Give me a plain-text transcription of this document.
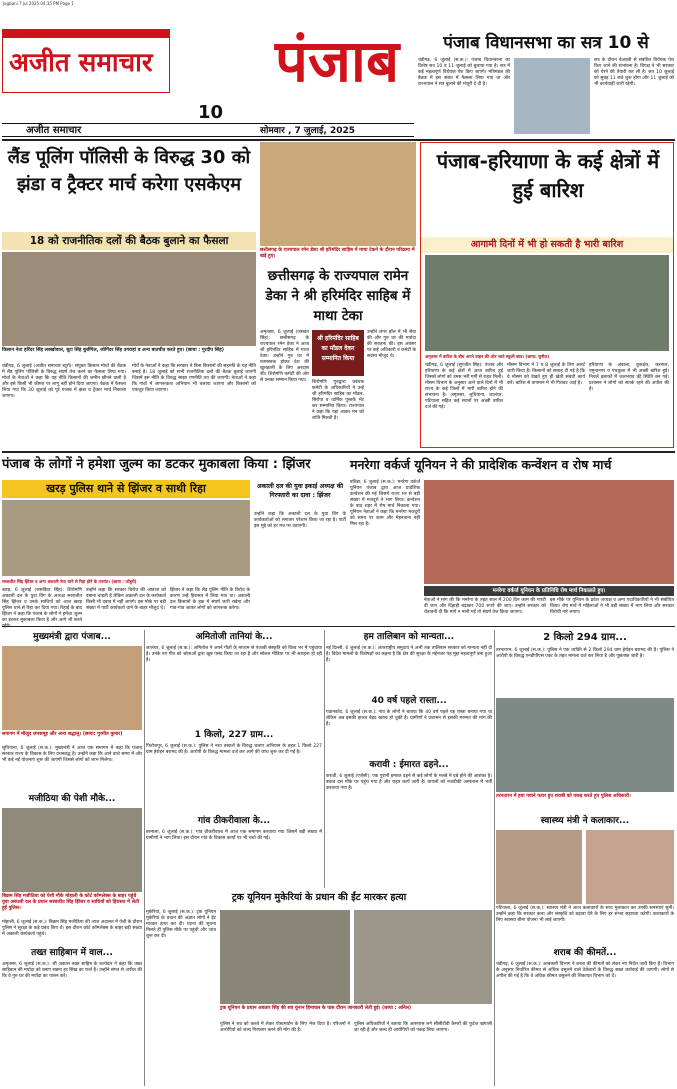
Jagbani 7 jul 2025 04:35 PM Page 1
अजीत समाचार
10
पंजाब
अजीत समाचार	सोमवार , 7 जुलाई, 2025
पंजाब विधानसभा का सत्र 10 से
चंडीगढ़, 6 जुलाई (स.क.): पंजाब विधानसभा का विशेष सत्र 10 व 11 जुलाई को बुलाया गया है। सत्र में कई महत्वपूर्ण विधेयक पेश किए जाएंगे। मंत्रिमंडल की बैठक में इस संबंध में फैसला लिया गया था और राज्यपाल ने सत्र बुलाने की मंजूरी दे दी है।
सत्र के दौरान बेअदबी से संबंधित विधेयक पेश किए जाने की संभावना है। विपक्ष ने भी सरकार को घेरने की तैयारी कर ली है। सत्र 10 जुलाई को सुबह 11 बजे शुरू होगा और 11 जुलाई को भी कार्यवाही जारी रहेगी।
लैंड पूलिंग पॉलिसी के विरुद्ध 30 को झंडा व ट्रैक्टर मार्च करेगा एसकेएम
18 को राजनीतिक दलों की बैठक बुलाने का फैसला
किसान नेता हरिंदर सिंह लक्खोवाल, बूटा सिंह बुर्जगिल, जोगिंदर सिंह उगराहां व अन्य बातचीत करते हुए। (छाया : गुरदीप सिंह)
चंडीगढ़, 6 जुलाई (अजीत समाचार ब्यूरो): संयुक्त किसान मोर्चा की बैठक में लैंड पूलिंग पॉलिसी के विरुद्ध संघर्ष तेज करने का फैसला लिया गया। मोर्चा के नेताओं ने कहा कि यह नीति किसानों की जमीन छीनने वाली है और इसे किसी भी कीमत पर लागू नहीं होने दिया जाएगा। बैठक में फैसला लिया गया कि 30 जुलाई को पूरे पंजाब में झंडा व ट्रैक्टर मार्च निकाला जाएगा।
मोर्चे के नेताओं ने कहा कि सरकार ने बिना किसानों की सहमति के यह नीति बनाई है। 18 जुलाई को सभी राजनीतिक दलों की बैठक बुलाई जाएगी जिसमें इस नीति के विरुद्ध साझा रणनीति तय की जाएगी। नेताओं ने कहा कि गांवों में जागरूकता अभियान भी चलाया जाएगा और किसानों को एकजुट किया जाएगा।
छत्तीसगढ़ के राज्यपाल रमेन डेका श्री हरिमंदिर साहिब में माथा टेकने के दौरान परिक्रमा में खड़े हुए।
छत्तीसगढ़ के राज्यपाल रामेन डेका ने श्री हरिमंदिर साहिब में माथा टेका
अमृतसर, 6 जुलाई (जसवंत सिंह): छत्तीसगढ़ के राज्यपाल रमेन डेका ने आज श्री हरिमंदिर साहिब में माथा टेका। उन्होंने गुरु घर में नतमस्तक होकर देश की खुशहाली के लिए अरदास की। शिरोमणि कमेटी की ओर से उनका सम्मान किया गया।
श्री हरिमंदिर साहिब का मॉडल देकर सम्मानित किया
शिरोमणि गुरुद्वारा प्रबंधक कमेटी के अधिकारियों ने उन्हें श्री हरिमंदिर साहिब का मॉडल, सिरोपा व धार्मिक पुस्तकें भेंट कर सम्मानित किया। राज्यपाल ने कहा कि यहां आकर मन को शांति मिलती है।
उन्होंने लंगर हॉल में भी सेवा की और गुरु घर की मर्यादा की सराहना की। इस अवसर पर कई अधिकारी व कमेटी के सदस्य मौजूद थे।
पंजाब-हरियाणा के कई क्षेत्रों में हुई बारिश
आगामी दिनों में भी हो सकती है भारी बारिश
अमृतसर में बारिश के बीच अपने वाहन की ओर जाते स्कूली छात्र। (छाया: सुनील)
चंडीगढ़, 6 जुलाई (सुरजीत सिंह): पंजाब और हरियाणा के कई क्षेत्रों में आज बारिश हुई जिससे लोगों को उमस भरी गर्मी से राहत मिली। मौसम विभाग के अनुसार आने वाले दिनों में भी राज्य के कई जिलों में भारी बारिश होने की संभावना है। अमृतसर, लुधियाना, जालंधर, पटियाला सहित कई स्थानों पर अच्छी बारिश दर्ज की गई।
मौसम विभाग ने 7 व 8 जुलाई के लिए अलर्ट जारी किया है। किसानों को सलाह दी गई है कि वे मौसम को देखते हुए ही खेती संबंधी कार्य करें। बारिश से तापमान में भी गिरावट आई है।
हरियाणा के अंबाला, कुरुक्षेत्र, करनाल, यमुनानगर व पंचकूला में भी अच्छी बारिश हुई। निचले इलाकों में जलभराव की स्थिति बन गई। प्रशासन ने लोगों को सतर्क रहने की अपील की है।
पंजाब के लोगों ने हमेशा जुल्म का डटकर मुकाबला किया : झिंजर
खरड़ पुलिस थाने से झिंजर व साथी रिहा
सरबजीत सिंह झिंजर व अन्य अकाली नेता थाने से रिहा होने के उपरांत। (छाया : जोहुरी)
खरड़, 6 जुलाई (जसविंदर सिंह): शिरोमणि अकाली दल के युवा विंग के अध्यक्ष सरबजीत सिंह झिंजर व उनके साथियों को आज खरड़ पुलिस थाने से रिहा कर दिया गया। रिहाई के बाद झिंजर ने कहा कि पंजाब के लोगों ने हमेशा जुल्म का डटकर मुकाबला किया है और आगे भी करते
उन्होंने कहा कि सरकार विरोध की आवाज को दबाना चाहती है लेकिन अकाली दल के कार्यकर्ता किसी भी दबाव में नहीं आएंगे। इस मौके पर बड़ी संख्या में पार्टी कार्यकर्ता थाने के बाहर मौजूद थे।
झिंजर ने कहा कि लैंड पूलिंग नीति के विरोध के कारण उन्हें हिरासत में लिया गया था। अकाली दल किसानों के हक में संघर्ष जारी रखेगा और गांव-गांव जाकर लोगों को जागरूक करेगा।
अकाली दल की युवा इकाई अध्यक्ष की गिरफ्तारी का दावा : झिंजर
उन्होंने कहा कि अकाली दल के युवा विंग के कार्यकर्ताओं को लगातार परेशान किया जा रहा है। पार्टी इस मुद्दे को हर मंच पर उठाएगी।
मनरेगा वर्कर्ज यूनियन ने की प्रादेशिक कन्वेंशन व रोष मार्च
बठिंडा, 6 जुलाई (स.क.): मनरेगा वर्कर्ज यूनियन पंजाब द्वारा आज प्रादेशिक कन्वेंशन की गई जिसमें राज्य भर से बड़ी संख्या में मजदूरों ने भाग लिया। कन्वेंशन के बाद शहर में रोष मार्च निकाला गया। यूनियन नेताओं ने कहा कि मनरेगा मजदूरों को समय पर काम और मेहनताना नहीं मिल रहा है।
मनरेगा वर्कर्ज यूनियन के प्रतिनिधि रोष मार्च निकालते हुए।
नेताओं ने मांग की कि मनरेगा के तहत साल में 200 दिन काम की गारंटी दी जाए और दिहाड़ी बढ़ाकर 700 रुपये की जाए। उन्होंने सरकार को चेतावनी दी कि मांगें न मानी गईं तो संघर्ष तेज किया जाएगा।
इस मौके पर यूनियन के प्रदेश अध्यक्ष व अन्य पदाधिकारियों ने भी संबोधित किया। रोष मार्च में महिलाओं ने भी बड़ी संख्या में भाग लिया और सरकार विरोधी नारे लगाए।
मुख्यमंत्री द्वारा पंजाब...
समागम में मौजूद जनसमूह और अन्य श्रद्धालु। (छाया: गुरमीत कुमार)
लुधियाना, 6 जुलाई (स.क.): मुख्यमंत्री ने आज एक समागम में कहा कि पंजाब सरकार राज्य के विकास के लिए वचनबद्ध है। उन्होंने कहा कि आने वाले समय में और भी कई नई योजनाएं शुरू की जाएंगी जिससे लोगों को लाभ मिलेगा।
मजीठिया की पेशी मौके...
बिक्रम सिंह मजीठिया को पेशी मौके मोहाली के कोर्ट कॉम्प्लेक्स के बाहर पहुंचे युवा अकाली दल के प्रधान सरबजीत सिंह झिंजर व साथियों को हिरासत में लेती हुई पुलिस।
मोहाली, 6 जुलाई (स.क.): बिक्रम सिंह मजीठिया की आज अदालत में पेशी के दौरान पुलिस ने सुरक्षा के कड़े प्रबंध किए थे। इस दौरान कोर्ट कॉम्प्लेक्स के बाहर बड़ी संख्या में अकाली कार्यकर्ता पहुंचे।
तख्त साहिबान में वाल...
अमृतसर, 6 जुलाई (स.क.): श्री अकाल तख्त साहिब के जत्थेदार ने कहा कि तख्त साहिबान की मर्यादा को बनाए रखना हर सिख का फर्ज है। उन्होंने संगत से अपील की कि वे गुरु घर की मर्यादा का पालन करें।
अमितोजी तानियां के...
जालंधर, 6 जुलाई (स.क.): अमितोज ने अपने गीतों के माध्यम से पंजाबी संस्कृति को विश्व भर में पहुंचाया है। उनके नए गीत को श्रोताओं द्वारा खूब पसंद किया जा रहा है और सोशल मीडिया पर भी सराहना हो रही है।
1 किलो, 227 ग्राम...
फिरोजपुर, 6 जुलाई (स.क.): पुलिस ने नशा तस्करों के विरुद्ध चलाए अभियान के तहत 1 किलो 227 ग्राम हेरोइन बरामद की है। आरोपी के विरुद्ध मामला दर्ज कर आगे की जांच शुरू कर दी गई है।
गांव ठीकरीवाला के...
बरनाला, 6 जुलाई (स.क.): गांव ठीकरीवाला में आज एक समागम करवाया गया जिसमें बड़ी संख्या में ग्रामीणों ने भाग लिया। इस दौरान गांव के विकास कार्यों पर भी चर्चा की गई।
हम तालिबान को मान्यता...
नई दिल्ली, 6 जुलाई (स.क.): अंतरराष्ट्रीय समुदाय ने अभी तक तालिबान सरकार को मान्यता नहीं दी है। विदेश मामलों के विशेषज्ञों का कहना है कि क्षेत्र की सुरक्षा के मद्देनजर यह मुद्दा महत्वपूर्ण बना हुआ है।
40 वर्ष पहले रास्ता...
पठानकोट, 6 जुलाई (स.क.): गांव के लोगों ने बताया कि 40 वर्ष पहले यह रास्ता बनाया गया था लेकिन अब इसकी हालत बेहद खराब हो चुकी है। ग्रामीणों ने प्रशासन से इसकी मरम्मत की मांग की है।
करावी : ईमारत ढहने...
करावी, 6 जुलाई (एजेंसी): एक पुरानी इमारत ढहने से कई लोगों के मलबे में दबे होने की आशंका है। बचाव दल मौके पर पहुंच गया है और राहत कार्य जारी है। घायलों को नजदीकी अस्पताल में भर्ती करवाया गया है।
ट्रक यूनियन मुकेरियां के प्रधान की ईंट मारकर हत्या
मुकेरियां, 6 जुलाई (स.क.): ट्रक यूनियन मुकेरियां के प्रधान की अज्ञात लोगों ने ईंट मारकर हत्या कर दी। घटना की सूचना मिलते ही पुलिस मौके पर पहुंची और जांच शुरू कर दी।
ट्रक यूनियन के प्रधान अवतार सिंह की शव युनान हिमाचल के पास दौरान जानकारी लेती हुई। (छाया : अनिल)
पुलिस ने शव को कब्जे में लेकर पोस्टमार्टम के लिए भेज दिया है। परिजनों ने आरोपियों को जल्द गिरफ्तार करने की मांग की है।
पुलिस अधिकारियों ने बताया कि आसपास लगे सीसीटीवी कैमरों की फुटेज खंगाली जा रही है और जल्द ही आरोपियों को पकड़ लिया जाएगा।
2 किलो 294 ग्राम...
तरनतारन, 6 जुलाई (स.क.): पुलिस ने एक व्यक्ति से 2 किलो 294 ग्राम हेरोइन बरामद की है। पुलिस ने आरोपी के विरुद्ध एनडीपीएस एक्ट के तहत मामला दर्ज कर लिया है और पूछताछ जारी है।
तरनतारन में हवा गवाने फरार हुए शराबी को पकड़ करते हुए पुलिस अधिकारी।
स्वास्थ्य मंत्री ने कलाकार...
पटियाला, 6 जुलाई (स.क.): स्वास्थ्य मंत्री ने आज कलाकारों के साथ मुलाकात कर उनकी समस्याएं सुनीं। उन्होंने कहा कि सरकार कला और संस्कृति को बढ़ावा देने के लिए हर संभव सहायता करेगी। कलाकारों के लिए स्वास्थ्य बीमा योजना भी लाई जाएगी।
शराब की कीमतें...
चंडीगढ़, 6 जुलाई (स.क.): आबकारी विभाग ने शराब की कीमतों को लेकर नए निर्देश जारी किए हैं। विभाग के अनुसार निर्धारित कीमत से अधिक वसूलने वाले ठेकेदारों के विरुद्ध सख्त कार्रवाई की जाएगी। लोगों से अपील की गई है कि वे अधिक कीमत वसूलने की शिकायत विभाग को दें।
